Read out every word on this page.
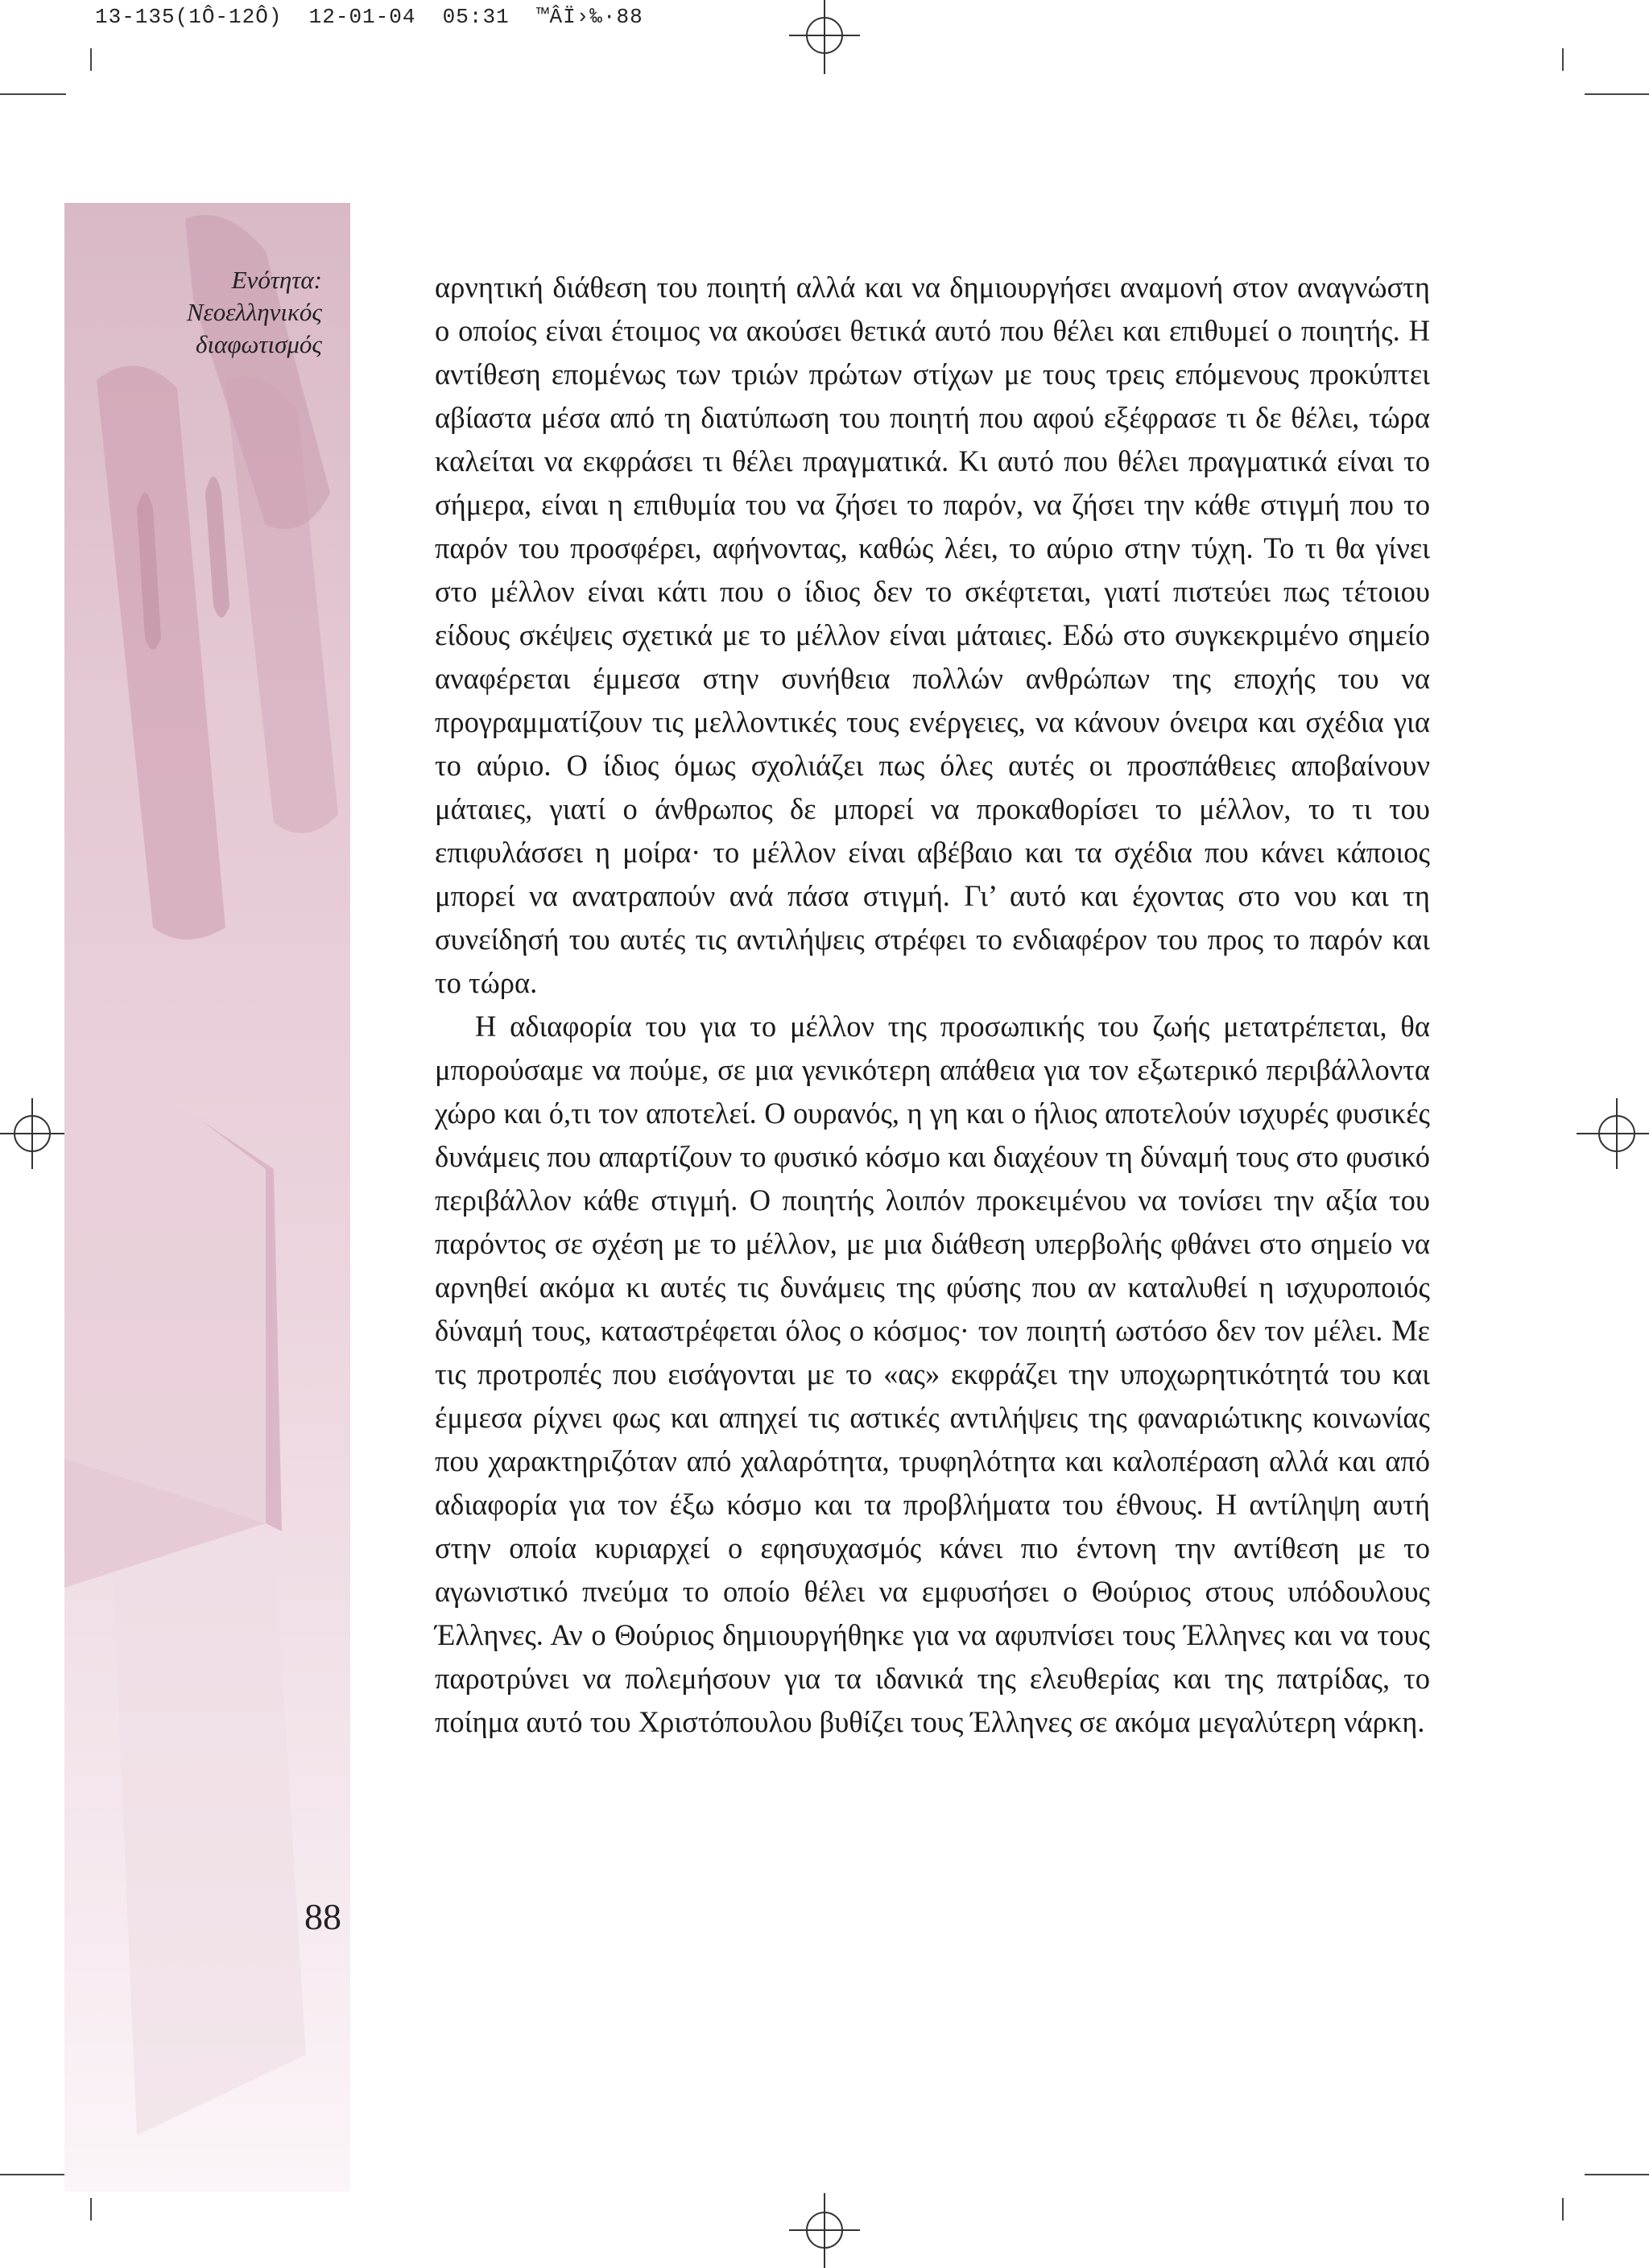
13-135(1Ô-12Ô)  12-01-04  05:31  ™ÂÏ›‰·88
Ενότητα:
Νεοελληνικός
διαφωτισμός
88

αρνητική διάθεση του ποιητή αλλά και να δημιουργήσει αναμονή στον αναγνώστη ο οποίος είναι έτοιμος να ακούσει θετικά αυτό που θέλει και επιθυμεί ο ποιητής. Η αντίθεση επομένως των τριών πρώτων στίχων με τους τρεις επόμενους προκύπτει αβίαστα μέσα από τη διατύπωση του ποιητή που αφού εξέφρασε τι δε θέλει, τώρα καλείται να εκφράσει τι θέλει πραγματικά. Κι αυτό που θέλει πραγματικά είναι το σήμερα, είναι η επιθυμία του να ζήσει το παρόν, να ζήσει την κάθε στιγμή που το παρόν του προσφέρει, αφήνοντας, καθώς λέει, το αύριο στην τύχη. Το τι θα γίνει στο μέλλον είναι κάτι που ο ίδιος δεν το σκέφτεται, γιατί πιστεύει πως τέτοιου είδους σκέψεις σχετικά με το μέλλον είναι μάταιες. Εδώ στο συγκεκριμένο σημείο αναφέρεται έμμεσα στην συνήθεια πολλών ανθρώπων της εποχής του να προγραμματίζουν τις μελλοντικές τους ενέργειες, να κάνουν όνειρα και σχέδια για το αύριο. Ο ίδιος όμως σχολιάζει πως όλες αυτές οι προσπάθειες αποβαίνουν μάταιες, γιατί ο άνθρωπος δε μπορεί να προκαθορίσει το μέλλον, το τι του επιφυλάσσει η μοίρα· το μέλλον είναι αβέβαιο και τα σχέδια που κάνει κάποιος μπορεί να ανατραπούν ανά πάσα στιγμή. Γι’ αυτό και έχοντας στο νου και τη συνείδησή του αυτές τις αντιλήψεις στρέφει το ενδιαφέρον του προς το παρόν και το τώρα.

Η αδιαφορία του για το μέλλον της προσωπικής του ζωής μετατρέπεται, θα μπορούσαμε να πούμε, σε μια γενικότερη απάθεια για τον εξωτερικό περιβάλλοντα χώρο και ό,τι τον αποτελεί. Ο ουρανός, η γη και ο ήλιος αποτελούν ισχυρές φυσικές δυνάμεις που απαρτίζουν το φυσικό κόσμο και διαχέουν τη δύναμή τους στο φυσικό περιβάλλον κάθε στιγμή. Ο ποιητής λοιπόν προκειμένου να τονίσει την αξία του παρόντος σε σχέση με το μέλλον, με μια διάθεση υπερβολής φθάνει στο σημείο να αρνηθεί ακόμα κι αυτές τις δυνάμεις της φύσης που αν καταλυθεί η ισχυροποιός δύναμή τους, καταστρέφεται όλος ο κόσμος· τον ποιητή ωστόσο δεν τον μέλει. Με τις προτροπές που εισάγονται με το «ας» εκφράζει την υποχωρητικότητά του και έμμεσα ρίχνει φως και απηχεί τις αστικές αντιλήψεις της φαναριώτικης κοινωνίας που χαρακτηριζόταν από χαλαρότητα, τρυφηλότητα και καλοπέραση αλλά και από αδιαφορία για τον έξω κόσμο και τα προβλήματα του έθνους. Η αντίληψη αυτή στην οποία κυριαρχεί ο εφησυχασμός κάνει πιο έντονη την αντίθεση με το αγωνιστικό πνεύμα το οποίο θέλει να εμφυσήσει ο Θούριος στους υπόδουλους Έλληνες. Αν ο Θούριος δημιουργήθηκε για να αφυπνίσει τους Έλληνες και να τους παροτρύνει να πολεμήσουν για τα ιδανικά της ελευθερίας και της πατρίδας, το ποίημα αυτό του Χριστόπουλου βυθίζει τους Έλληνες σε ακόμα μεγαλύτερη νάρκη.
